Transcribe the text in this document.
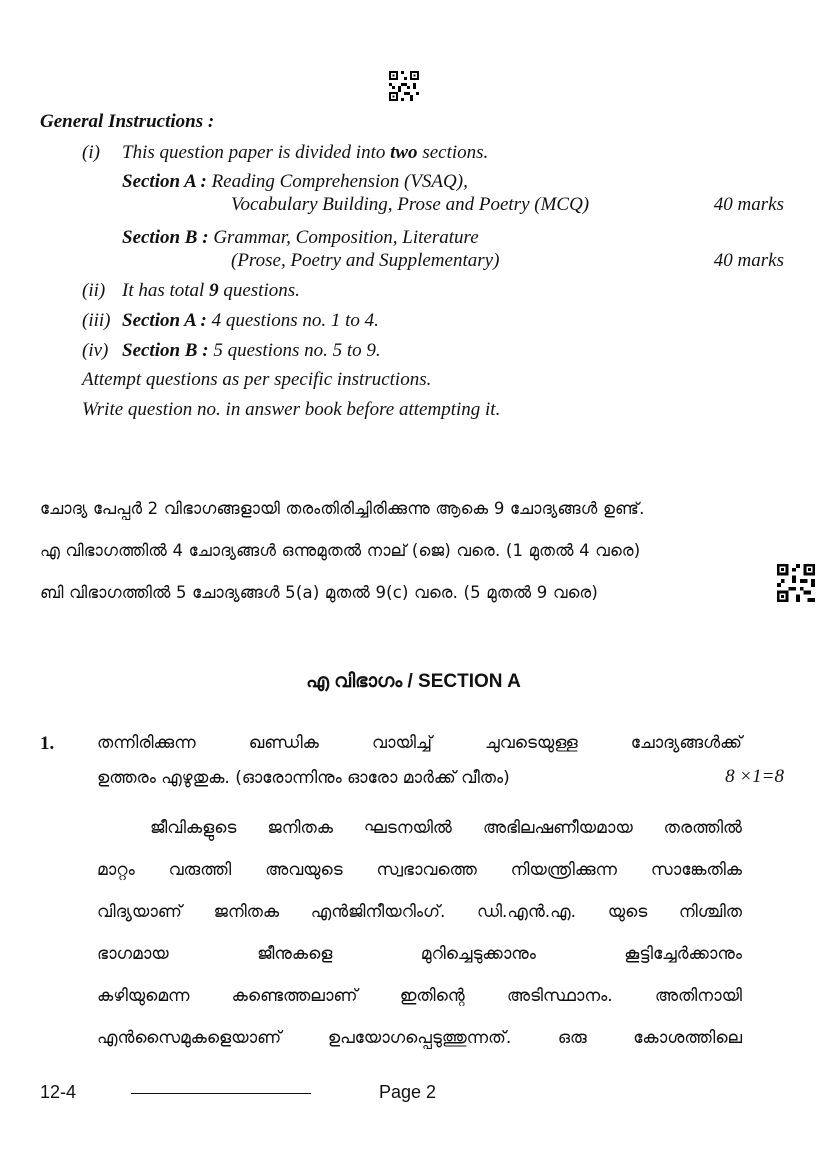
General Instructions :
(i) This question paper is divided into two sections.
Section A : Reading Comprehension (VSAQ),
Vocabulary Building, Prose and Poetry (MCQ)	40 marks
Section B : Grammar, Composition, Literature
(Prose, Poetry and Supplementary)	40 marks
(ii) It has total 9 questions.
(iii) Section A : 4 questions no. 1 to 4.
(iv) Section B : 5 questions no. 5 to 9.
Attempt questions as per specific instructions.
Write question no. in answer book before attempting it.
ചോദ്യ പേപ്പർ 2 വിഭാഗങ്ങളായി തരംതിരിച്ചിരിക്കുന്നു ആകെ 9 ചോദ്യങ്ങൾ ഉണ്ട്.
എ വിഭാഗത്തിൽ 4 ചോദ്യങ്ങൾ ഒന്നുമുതൽ നാല് (ജെ) വരെ. (1 മുതൽ 4 വരെ)
ബി വിഭാഗത്തിൽ 5 ചോദ്യങ്ങൾ 5(a) മുതൽ 9(c) വരെ. (5 മുതൽ 9 വരെ)
എ വിഭാഗം / SECTION A
1.	തന്നിരിക്കുന്ന ഖണ്ഡിക വായിച്ച് ചുവടെയുള്ള ചോദ്യങ്ങൾക്ക്
ഉത്തരം എഴുതുക. (ഓരോന്നിനും ഓരോ മാർക്ക് വീതം)	8 ×1=8
ജീവികളുടെ ജനിതക ഘടനയിൽ അഭിലഷണീയമായ തരത്തിൽ
മാറ്റം വരുത്തി അവയുടെ സ്വഭാവത്തെ നിയന്ത്രിക്കുന്ന സാങ്കേതിക
വിദ്യയാണ് ജനിതക എൻജിനീയറിംഗ്. ഡി.എൻ.എ. യുടെ നിശ്ചിത
ഭാഗമായ ജീനുകളെ മുറിച്ചെടുക്കാനും കൂട്ടിച്ചേർക്കാനും
കഴിയുമെന്ന കണ്ടെത്തലാണ് ഇതിന്റെ അടിസ്ഥാനം. അതിനായി
എൻസൈമുകളെയാണ് ഉപയോഗപ്പെടുത്തുന്നത്. ഒരു കോശത്തിലെ
12-4	Page 2
